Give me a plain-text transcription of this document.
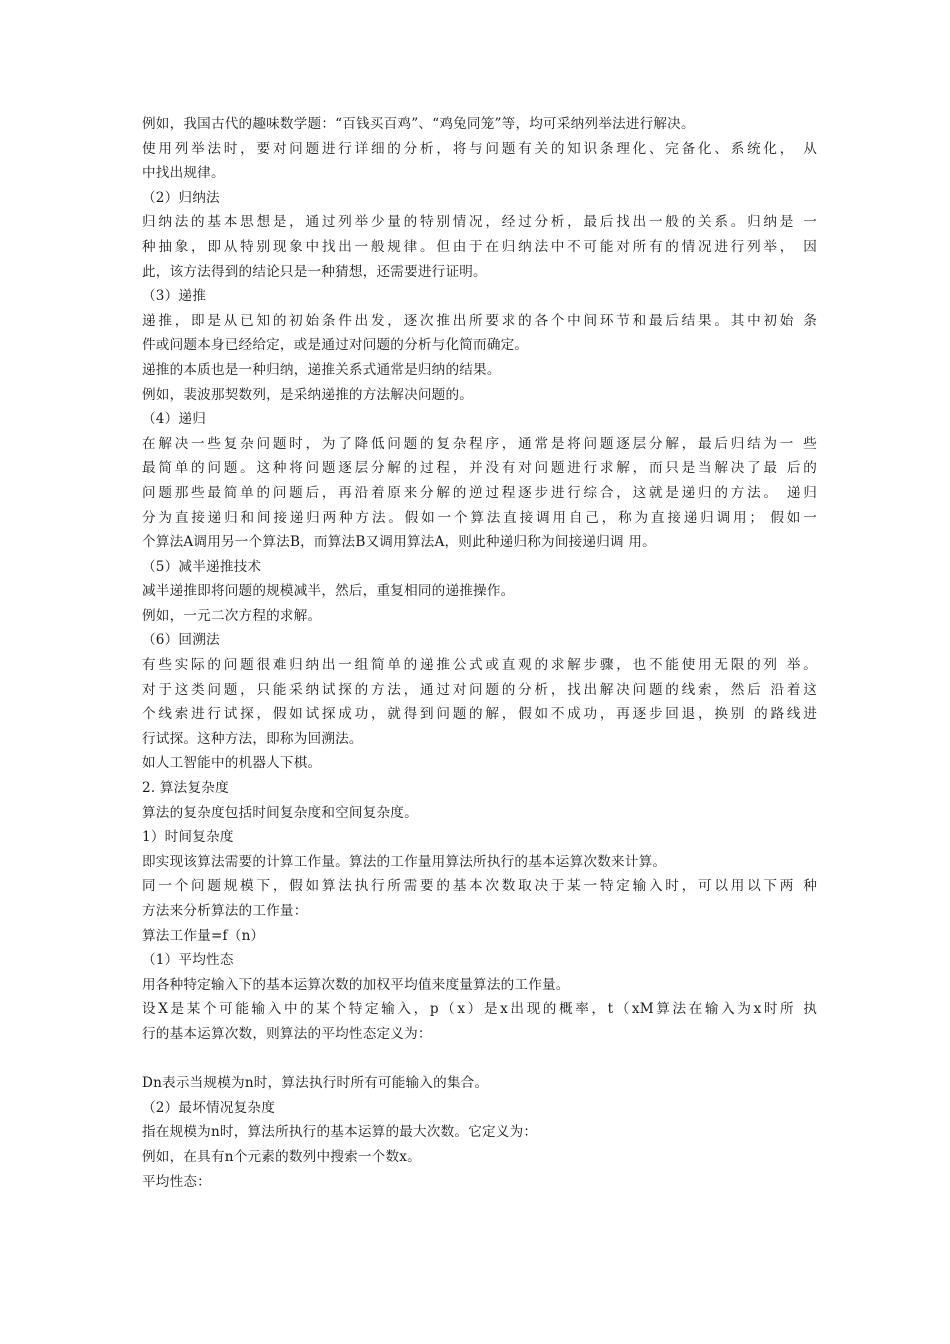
例如，我国古代的趣味数学题：“百钱买百鸡”、“鸡兔同笼”等，均可采纳列举法进行解决。
使用列举法时，要对问题进行详细的分析，将与问题有关的知识条理化、完备化、系统化， 从
中找出规律。
（2）归纳法
归纳法的基本思想是，通过列举少量的特别情况，经过分析，最后找出一般的关系。归纳是 一
种抽象，即从特别现象中找出一般规律。但由于在归纳法中不可能对所有的情况进行列举， 因
此，该方法得到的结论只是一种猜想，还需要进行证明。
（3）递推
递推，即是从已知的初始条件出发，逐次推出所要求的各个中间环节和最后结果。其中初始 条
件或问题本身已经给定，或是通过对问题的分析与化简而确定。
递推的本质也是一种归纳，递推关系式通常是归纳的结果。
例如，裴波那契数列，是采纳递推的方法解决问题的。
（4）递归
在解决一些复杂问题时，为了降低问题的复杂程序，通常是将问题逐层分解，最后归结为一 些
最简单的问题。这种将问题逐层分解的过程，并没有对问题进行求解，而只是当解决了最 后的
问题那些最简单的问题后，再沿着原来分解的逆过程逐步进行综合，这就是递归的方法。 递归
分为直接递归和间接递归两种方法。假如一个算法直接调用自己，称为直接递归调用； 假如一
个算法A调用另一个算法B，而算法B又调用算法A，则此种递归称为间接递归调 用。
（5）减半递推技术
减半递推即将问题的规模减半，然后，重复相同的递推操作。
例如，一元二次方程的求解。
（6）回溯法
有些实际的问题很难归纳出一组简单的递推公式或直观的求解步骤，也不能使用无限的列 举。
对于这类问题，只能采纳试探的方法，通过对问题的分析，找出解决问题的线索，然后 沿着这
个线索进行试探，假如试探成功，就得到问题的解，假如不成功，再逐步回退，换别 的路线进
行试探。这种方法，即称为回溯法。
如人工智能中的机器人下棋。
2. 算法复杂度
算法的复杂度包括时间复杂度和空间复杂度。
1）时间复杂度
即实现该算法需要的计算工作量。算法的工作量用算法所执行的基本运算次数来计算。
同一个问题规模下，假如算法执行所需要的基本次数取决于某一特定输入时，可以用以下两 种
方法来分析算法的工作量：
算法工作量=f（n）
（1）平均性态
用各种特定输入下的基本运算次数的加权平均值来度量算法的工作量。
设X是某个可能输入中的某个特定输入，p（x）是x出现的概率，t（xM算法在输入为x时所 执
行的基本运算次数，则算法的平均性态定义为：
Dn表示当规模为n时，算法执行时所有可能输入的集合。
（2）最坏情况复杂度
指在规模为n时，算法所执行的基本运算的最大次数。它定义为：
例如，在具有n个元素的数列中搜索一个数x。
平均性态：
